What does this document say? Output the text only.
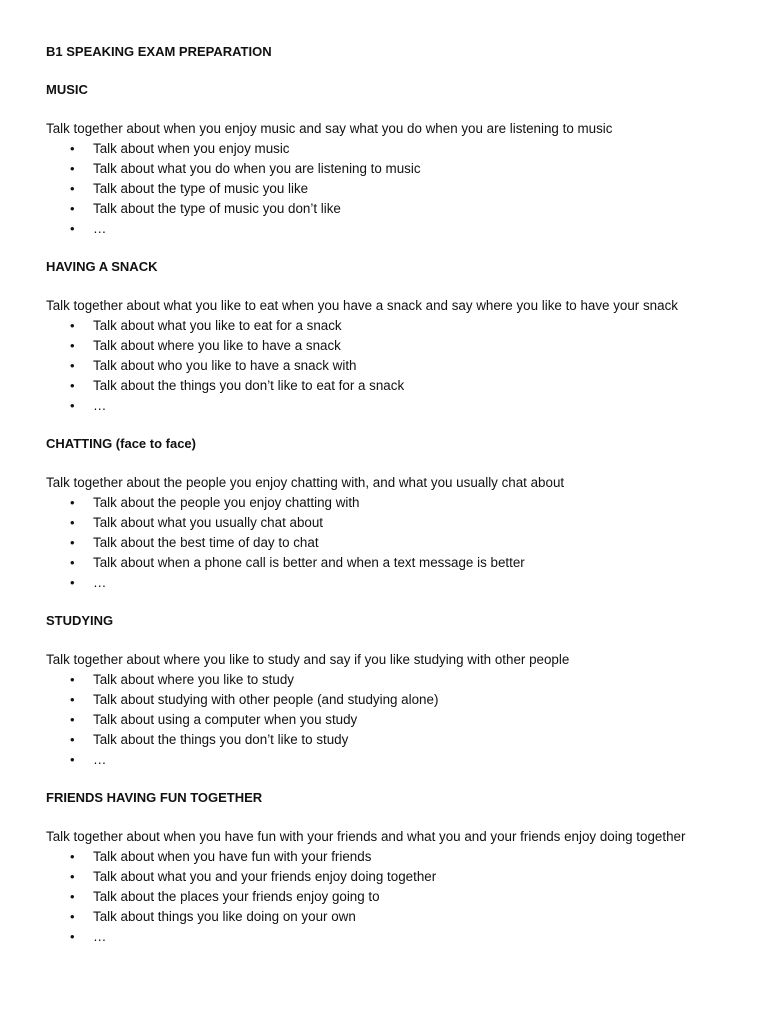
B1 SPEAKING EXAM PREPARATION
MUSIC

Talk together about when you enjoy music and say what you do when you are listening to music

• Talk about when you enjoy music
• Talk about what you do when you are listening to music
• Talk about the type of music you like
• Talk about the type of music you don’t like
• …
HAVING A SNACK

Talk together about what you like to eat when you have a snack and say where you like to have your snack

• Talk about what you like to eat for a snack
• Talk about where you like to have a snack
• Talk about who you like to have a snack with
• Talk about the things you don’t like to eat for a snack
• …
CHATTING (face to face)

Talk together about the people you enjoy chatting with, and what you usually chat about

• Talk about the people you enjoy chatting with
• Talk about what you usually chat about
• Talk about the best time of day to chat
• Talk about when a phone call is better and when a text message is better
• …
STUDYING

Talk together about where you like to study and say if you like studying with other people

• Talk about where you like to study
• Talk about studying with other people (and studying alone)
• Talk about using a computer when you study
• Talk about the things you don’t like to study
• …
FRIENDS HAVING FUN TOGETHER

Talk together about when you have fun with your friends and what you and your friends enjoy doing together

• Talk about when you have fun with your friends
• Talk about what you and your friends enjoy doing together
• Talk about the places your friends enjoy going to
• Talk about things you like doing on your own
• …
